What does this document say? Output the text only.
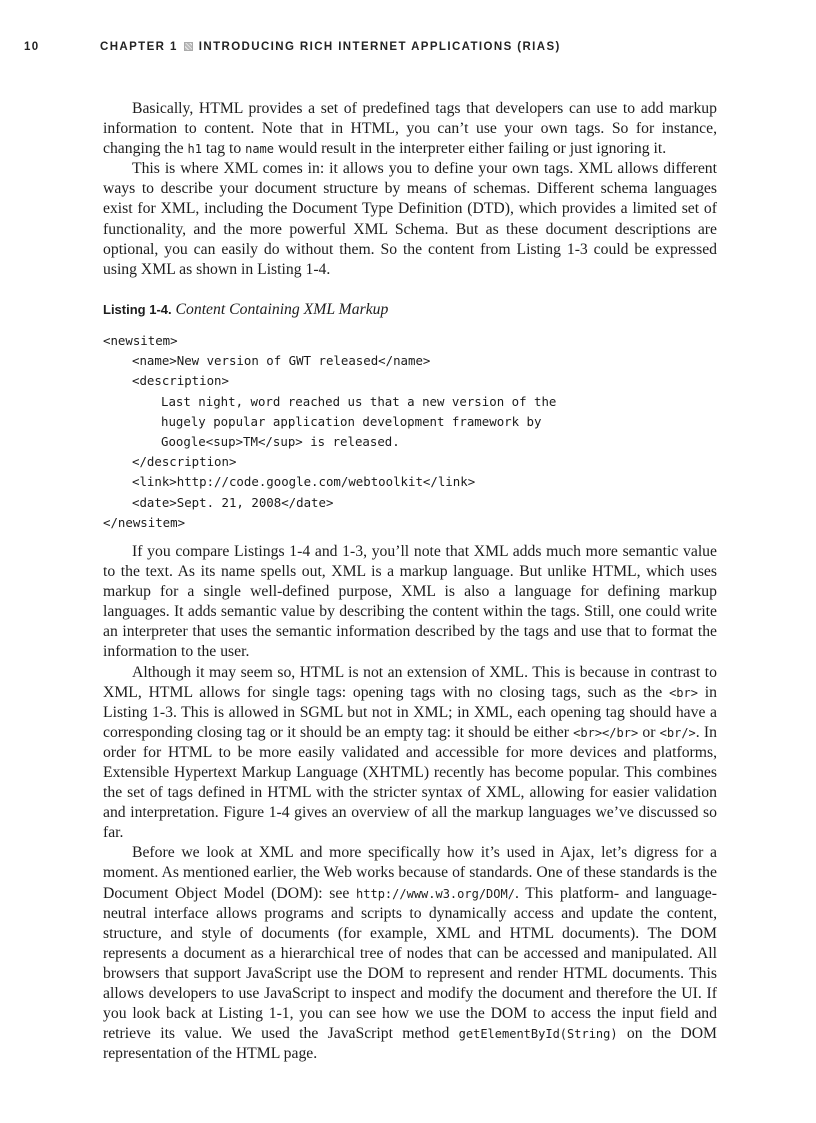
10	CHAPTER 1 INTRODUCING RICH INTERNET APPLICATIONS (RIAS)

Basically, HTML provides a set of predefined tags that developers can use to add markup information to content. Note that in HTML, you can’t use your own tags. So for instance, changing the h1 tag to name would result in the interpreter either failing or just ignoring it.

This is where XML comes in: it allows you to define your own tags. XML allows different ways to describe your document structure by means of schemas. Different schema languages exist for XML, including the Document Type Definition (DTD), which provides a limited set of functionality, and the more powerful XML Schema. But as these document descriptions are optional, you can easily do without them. So the content from Listing 1-3 could be expressed using XML as shown in Listing 1-4.

Listing 1-4. Content Containing XML Markup
<newsitem>
<name>New version of GWT released</name>
<description>
Last night, word reached us that a new version of the
hugely popular application development framework by
Google<sup>TM</sup> is released.
</description>
<link>http://code.google.com/webtoolkit</link>
<date>Sept. 21, 2008</date>
</newsitem>

If you compare Listings 1-4 and 1-3, you’ll note that XML adds much more semantic value to the text. As its name spells out, XML is a markup language. But unlike HTML, which uses markup for a single well-defined purpose, XML is also a language for defining markup languages. It adds semantic value by describing the content within the tags. Still, one could write an interpreter that uses the semantic information described by the tags and use that to format the information to the user.

Although it may seem so, HTML is not an extension of XML. This is because in contrast to XML, HTML allows for single tags: opening tags with no closing tags, such as the <br> in Listing 1-3. This is allowed in SGML but not in XML; in XML, each opening tag should have a corresponding closing tag or it should be an empty tag: it should be either <br></br> or <br/>. In order for HTML to be more easily validated and accessible for more devices and platforms, Extensible Hypertext Markup Language (XHTML) recently has become popular. This combines the set of tags defined in HTML with the stricter syntax of XML, allowing for easier validation and interpretation. Figure 1-4 gives an overview of all the markup languages we’ve discussed so far.

Before we look at XML and more specifically how it’s used in Ajax, let’s digress for a moment. As mentioned earlier, the Web works because of standards. One of these standards is the Document Object Model (DOM): see http://www.w3.org/DOM/. This platform- and language-neutral interface allows programs and scripts to dynamically access and update the content, structure, and style of documents (for example, XML and HTML documents). The DOM represents a document as a hierarchical tree of nodes that can be accessed and manipulated. All browsers that support JavaScript use the DOM to represent and render HTML documents. This allows developers to use JavaScript to inspect and modify the document and therefore the UI. If you look back at Listing 1-1, you can see how we use the DOM to access the input field and retrieve its value. We used the JavaScript method getElementById(String) on the DOM representation of the HTML page.
